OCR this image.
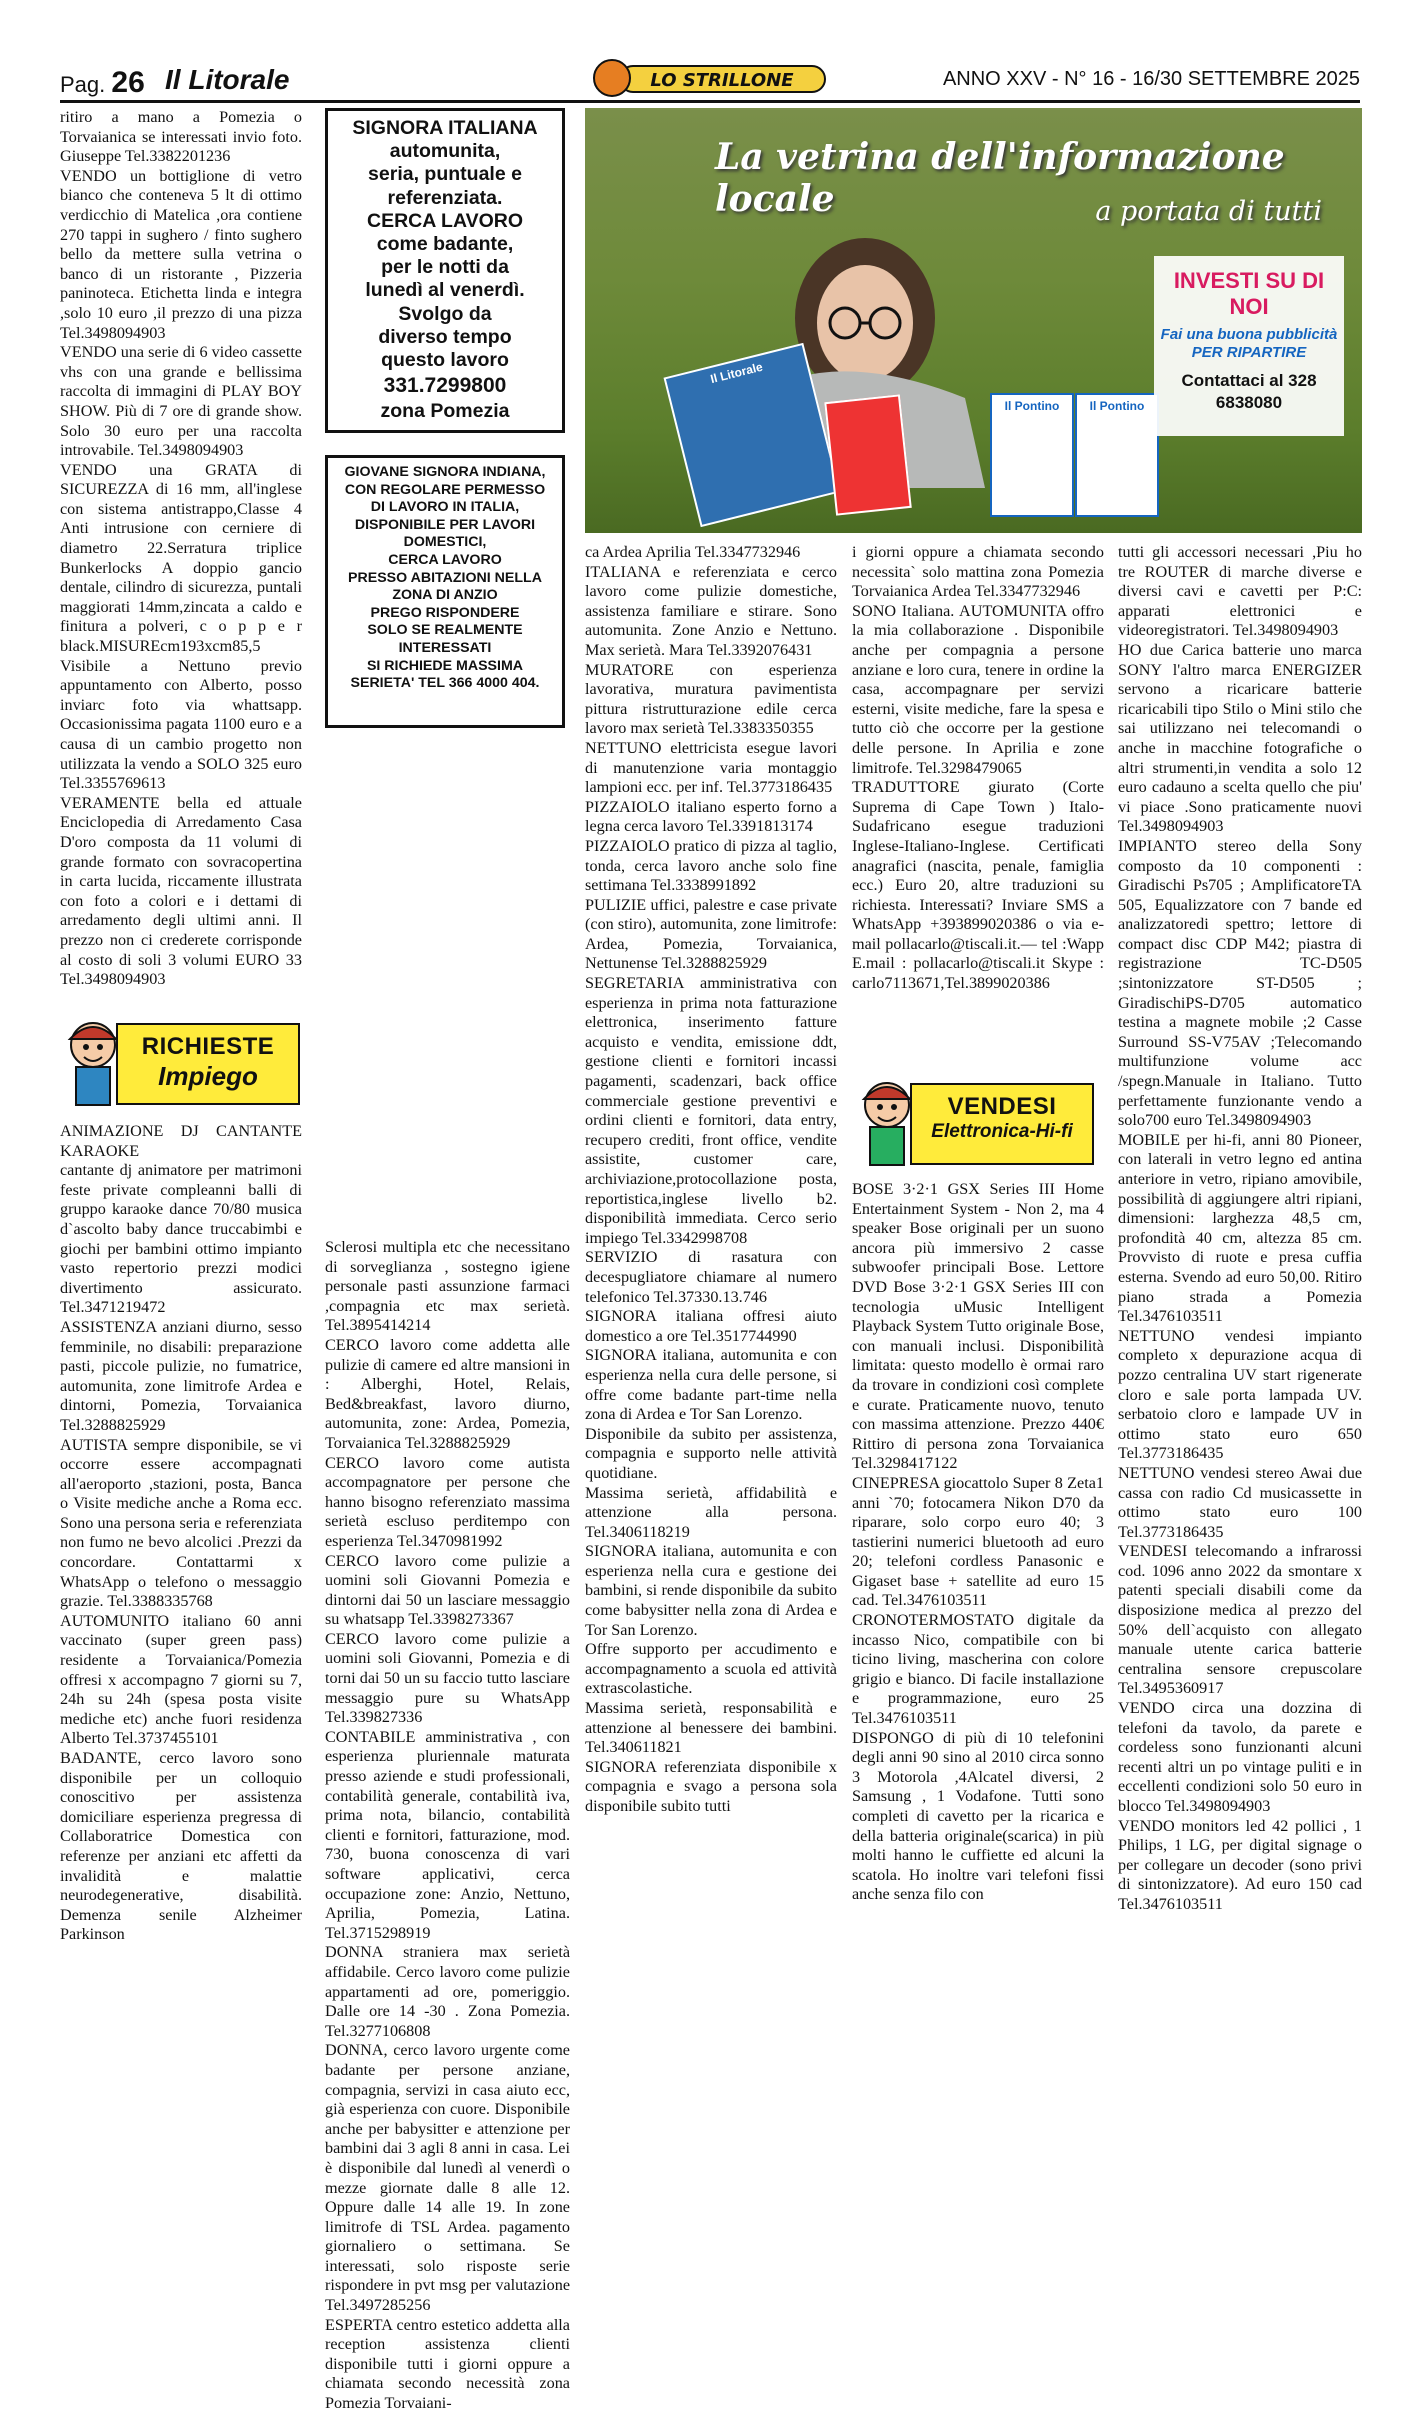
Pag. 26 Il Litorale	LO STRILLONE	ANNO XXV - N° 16 - 16/30 SETTEMBRE 2025

ritiro a mano a Pomezia o Torvaianica se interessati invio foto. Giuseppe Tel.3382201236

VENDO un bottiglione di vetro bianco che conteneva 5 lt di ottimo verdicchio di Matelica ,ora contiene 270 tappi in sughero / finto sughero bello da mettere sulla vetrina o banco di un ristorante , Pizzeria paninoteca. Etichetta linda e integra ,solo 10 euro ,il prezzo di una pizza Tel.3498094903

VENDO una serie di 6 video cassette vhs con una grande e bellissima raccolta di immagini di PLAY BOY SHOW. Più di 7 ore di grande show. Solo 30 euro per una raccolta introvabile. Tel.3498094903

VENDO una GRATA di SICUREZZA di 16 mm, all'inglese con sistema antistrappo,Classe 4 Anti intrusione con cerniere di diametro 22.Serratura triplice Bunkerlocks A doppio gancio dentale, cilindro di sicurezza, puntali maggiorati 14mm,zincata a caldo e finitura a polveri, c o p p e r black.MISUREcm193xcm85,5 Visibile a Nettuno previo appuntamento con Alberto, posso inviarc foto via whattsapp. Occasionissima pagata 1100 euro e a causa di un cambio progetto non utilizzata la vendo a SOLO 325 euro Tel.3355769613

VERAMENTE bella ed attuale Enciclopedia di Arredamento Casa D'oro composta da 11 volumi di grande formato con sovracopertina in carta lucida, riccamente illustrata con foto a colori e i dettami di arredamento degli ultimi anni. Il prezzo non ci crederete corrisponde al costo di soli 3 volumi EURO 33 Tel.3498094903

RICHIESTE
Impiego

ANIMAZIONE DJ CANTANTE KARAOKE

cantante dj animatore per matrimoni feste private compleanni balli di gruppo karaoke dance 70/80 musica d`ascolto baby dance truccabimbi e giochi per bambini ottimo impianto vasto repertorio prezzi modici divertimento assicurato. Tel.3471219472

ASSISTENZA anziani diurno, sesso femminile, no disabili: preparazione pasti, piccole pulizie, no fumatrice, automunita, zone limitrofe Ardea e dintorni, Pomezia, Torvaianica Tel.3288825929

AUTISTA sempre disponibile, se vi occorre essere accompagnati all'aeroporto ,stazioni, posta, Banca o Visite mediche anche a Roma ecc. Sono una persona seria e referenziata non fumo ne bevo alcolici .Prezzi da concordare. Contattarmi x WhatsApp o telefono o messaggio grazie. Tel.3388335768

AUTOMUNITO italiano 60 anni vaccinato (super green pass) residente a Torvaianica/Pomezia offresi x accompagno 7 giorni su 7, 24h su 24h (spesa posta visite mediche etc) anche fuori residenza Alberto Tel.3737455101

BADANTE, cerco lavoro sono disponibile per un colloquio conoscitivo per assistenza domiciliare esperienza pregressa di Collaboratrice Domestica con referenze per anziani etc affetti da invalidità e malattie neurodegenerative, disabilità. Demenza senile Alzheimer Parkinson

SIGNORA ITALIANA
automunita,
seria, puntuale e
referenziata.
CERCA LAVORO
come badante,
per le notti da
lunedì al venerdì.
Svolgo da
diverso tempo
questo lavoro
331.7299800
zona Pomezia
GIOVANE SIGNORA INDIANA,
CON REGOLARE PERMESSO
DI LAVORO IN ITALIA,
DISPONIBILE PER LAVORI
DOMESTICI,
CERCA LAVORO
PRESSO ABITAZIONI NELLA
ZONA DI ANZIO
PREGO RISPONDERE
SOLO SE REALMENTE
INTERESSATI
SI RICHIEDE MASSIMA
SERIETA' TEL 366 4000 404.
Il Litorale
Il Pontino	Il Pontino
La vetrina dell'informazione locale	a portata di tutti
INVESTI SU DI NOI
Fai una buona pubblicità PER RIPARTIRE
Contattaci al 328 6838080

Sclerosi multipla etc che necessitano di sorveglianza , sostegno igiene personale pasti assunzione farmaci ,compagnia etc max serietà. Tel.3895414214

CERCO lavoro come addetta alle pulizie di camere ed altre mansioni in : Alberghi, Hotel, Relais, Bed&breakfast, lavoro diurno, automunita, zone: Ardea, Pomezia, Torvaianica Tel.3288825929

CERCO lavoro come autista accompagnatore per persone che hanno bisogno referenziato massima serietà escluso perditempo con esperienza Tel.3470981992

CERCO lavoro come pulizie a uomini soli Giovanni Pomezia e dintorni dai 50 un lasciare messaggio su whatsapp Tel.3398273367

CERCO lavoro come pulizie a uomini soli Giovanni, Pomezia e di torni dai 50 un su faccio tutto lasciare messaggio pure su WhatsApp Tel.339827336

CONTABILE amministrativa , con esperienza pluriennale maturata presso aziende e studi professionali, contabilità generale, contabilità iva, prima nota, bilancio, contabilità clienti e fornitori, fatturazione, mod. 730, buona conoscenza di vari software applicativi, cerca occupazione zone: Anzio, Nettuno, Aprilia, Pomezia, Latina. Tel.3715298919

DONNA straniera max serietà affidabile. Cerco lavoro come pulizie appartamenti ad ore, pomeriggio. Dalle ore 14 -30 . Zona Pomezia. Tel.3277106808

DONNA, cerco lavoro urgente come badante per persone anziane, compagnia, servizi in casa aiuto ecc, già esperienza con cuore. Disponibile anche per babysitter e attenzione per bambini dai 3 agli 8 anni in casa. Lei è disponibile dal lunedì al venerdì o mezze giornate dalle 8 alle 12. Oppure dalle 14 alle 19. In zone limitrofe di TSL Ardea. pagamento giornaliero o settimana. Se interessati, solo risposte serie rispondere in pvt msg per valutazione Tel.3497285256

ESPERTA centro estetico addetta alla reception assistenza clienti disponibile tutti i giorni oppure a chiamata secondo necessità zona Pomezia Torvaiani-

ca Ardea Aprilia Tel.3347732946

ITALIANA e referenziata e cerco lavoro come pulizie domestiche, assistenza familiare e stirare. Sono automunita. Zone Anzio e Nettuno. Max serietà. Mara Tel.3392076431

MURATORE con esperienza lavorativa, muratura pavimentista pittura ristrutturazione edile cerca lavoro max serietà Tel.3383350355

NETTUNO elettricista esegue lavori di manutenzione varia montaggio lampioni ecc. per inf. Tel.3773186435

PIZZAIOLO italiano esperto forno a legna cerca lavoro Tel.3391813174

PIZZAIOLO pratico di pizza al taglio, tonda, cerca lavoro anche solo fine settimana Tel.3338991892

PULIZIE uffici, palestre e case private (con stiro), automunita, zone limitrofe: Ardea, Pomezia, Torvaianica, Nettunense Tel.3288825929

SEGRETARIA amministrativa con esperienza in prima nota fatturazione elettronica, inserimento fatture acquisto e vendita, emissione ddt, gestione clienti e fornitori incassi pagamenti, scadenzari, back office commerciale gestione preventivi e ordini clienti e fornitori, data entry, recupero crediti, front office, vendite assistite, customer care, archiviazione,protocollazione posta, reportistica,inglese livello b2. disponibilità immediata. Cerco serio impiego Tel.3342998708

SERVIZIO di rasatura con decespugliatore chiamare al numero telefonico Tel.37330.13.746

SIGNORA italiana offresi aiuto domestico a ore Tel.3517744990

SIGNORA italiana, automunita e con esperienza nella cura delle persone, si offre come badante part-time nella zona di Ardea e Tor San Lorenzo.

Disponibile da subito per assistenza, compagnia e supporto nelle attività quotidiane.

Massima serietà, affidabilità e attenzione alla persona. Tel.3406118219

SIGNORA italiana, automunita e con esperienza nella cura e gestione dei bambini, si rende disponibile da subito come babysitter nella zona di Ardea e Tor San Lorenzo.

Offre supporto per accudimento e accompagnamento a scuola ed attività extrascolastiche.

Massima serietà, responsabilità e attenzione al benessere dei bambini. Tel.340611821

SIGNORA referenziata disponibile x compagnia e svago a persona sola disponibile subito tutti

i giorni oppure a chiamata secondo necessita` solo mattina zona Pomezia Torvaianica Ardea Tel.3347732946

SONO Italiana. AUTOMUNITA offro la mia collaborazione . Disponibile anche per compagnia a persone anziane e loro cura, tenere in ordine la casa, accompagnare per servizi esterni, visite mediche, fare la spesa e tutto ciò che occorre per la gestione delle persone. In Aprilia e zone limitrofe. Tel.3298479065

TRADUTTORE giurato (Corte Suprema di Cape Town ) Italo-Sudafricano esegue traduzioni Inglese-Italiano-Inglese. Certificati anagrafici (nascita, penale, famiglia ecc.) Euro 20, altre traduzioni su richiesta. Interessati? Inviare SMS a WhatsApp +393899020386 o via e-mail pollacarlo@tiscali.it.— tel :Wapp E.mail : pollacarlo@tiscali.it Skype : carlo7113671,Tel.3899020386

VENDESI
Elettronica-Hi-fi

BOSE 3·2·1 GSX Series III Home Entertainment System - Non 2, ma 4 speaker Bose originali per un suono ancora più immersivo 2 casse subwoofer principali Bose. Lettore DVD Bose 3·2·1 GSX Series III con tecnologia uMusic Intelligent Playback System Tutto originale Bose, con manuali inclusi. Disponibilità limitata: questo modello è ormai raro da trovare in condizioni così complete e curate. Praticamente nuovo, tenuto con massima attenzione. Prezzo 440€ Rittiro di persona zona Torvaianica Tel.3298417122

CINEPRESA giocattolo Super 8 Zeta1 anni `70; fotocamera Nikon D70 da riparare, solo corpo euro 40; 3 tastierini numerici bluetooth ad euro 20; telefoni cordless Panasonic e Gigaset base + satellite ad euro 15 cad. Tel.3476103511

CRONOTERMOSTATO digitale da incasso Nico, compatibile con bi ticino living, mascherina con colore grigio e bianco. Di facile installazione e programmazione, euro 25 Tel.3476103511

DISPONGO di più di 10 telefonini degli anni 90 sino al 2010 circa sonno 3 Motorola ,4Alcatel diversi, 2 Samsung , 1 Vodafone. Tutti sono completi di cavetto per la ricarica e della batteria originale(scarica) in più molti hanno le cuffiette ed alcuni la scatola. Ho inoltre vari telefoni fissi anche senza filo con

tutti gli accessori necessari ,Piu ho tre ROUTER di marche diverse e diversi cavi e cavetti per P:C: apparati elettronici e videoregistratori. Tel.3498094903

HO due Carica batterie uno marca SONY l'altro marca ENERGIZER servono a ricaricare batterie ricaricabili tipo Stilo o Mini stilo che sai utilizzano nei telecomandi o anche in macchine fotografiche o altri strumenti,in vendita a solo 12 euro cadauno a scelta quello che piu' vi piace .Sono praticamente nuovi Tel.3498094903

IMPIANTO stereo della Sony composto da 10 componenti : Giradischi Ps705 ; AmplificatoreTA 505, Equalizzatore con 7 bande ed analizzatoredi spettro; lettore di compact disc CDP M42; piastra di registrazione TC-D505 ;sintonizzatore ST-D505 ; GiradischiPS-D705 automatico testina a magnete mobile ;2 Casse Surround SS-V75AV ;Telecomando multifunzione volume acc /spegn.Manuale in Italiano. Tutto perfettamente funzionante vendo a solo700 euro Tel.3498094903

MOBILE per hi-fi, anni 80 Pioneer, con laterali in vetro legno ed antina anteriore in vetro, ripiano amovibile, possibilità di aggiungere altri ripiani, dimensioni: larghezza 48,5 cm, profondità 40 cm, altezza 85 cm. Provvisto di ruote e presa cuffia esterna. Svendo ad euro 50,00. Ritiro piano strada a Pomezia Tel.3476103511

NETTUNO vendesi impianto completo x depurazione acqua di pozzo centralina UV start rigenerate cloro e sale porta lampada UV. serbatoio cloro e lampade UV in ottimo stato euro 650 Tel.3773186435

NETTUNO vendesi stereo Awai due cassa con radio Cd musicassette in ottimo stato euro 100 Tel.3773186435

VENDESI telecomando a infrarossi cod. 1096 anno 2022 da smontare x patenti speciali disabili come da disposizione medica al prezzo del 50% dell`acquisto con allegato manuale utente carica batterie centralina sensore crepuscolare Tel.3495360917

VENDO circa una dozzina di telefoni da tavolo, da parete e cordeless sono funzionanti alcuni recenti altri un po vintage puliti e in eccellenti condizioni solo 50 euro in blocco Tel.3498094903

VENDO monitors led 42 pollici , 1 Philips, 1 LG, per digital signage o per collegare un decoder (sono privi di sintonizzatore). Ad euro 150 cad Tel.3476103511
